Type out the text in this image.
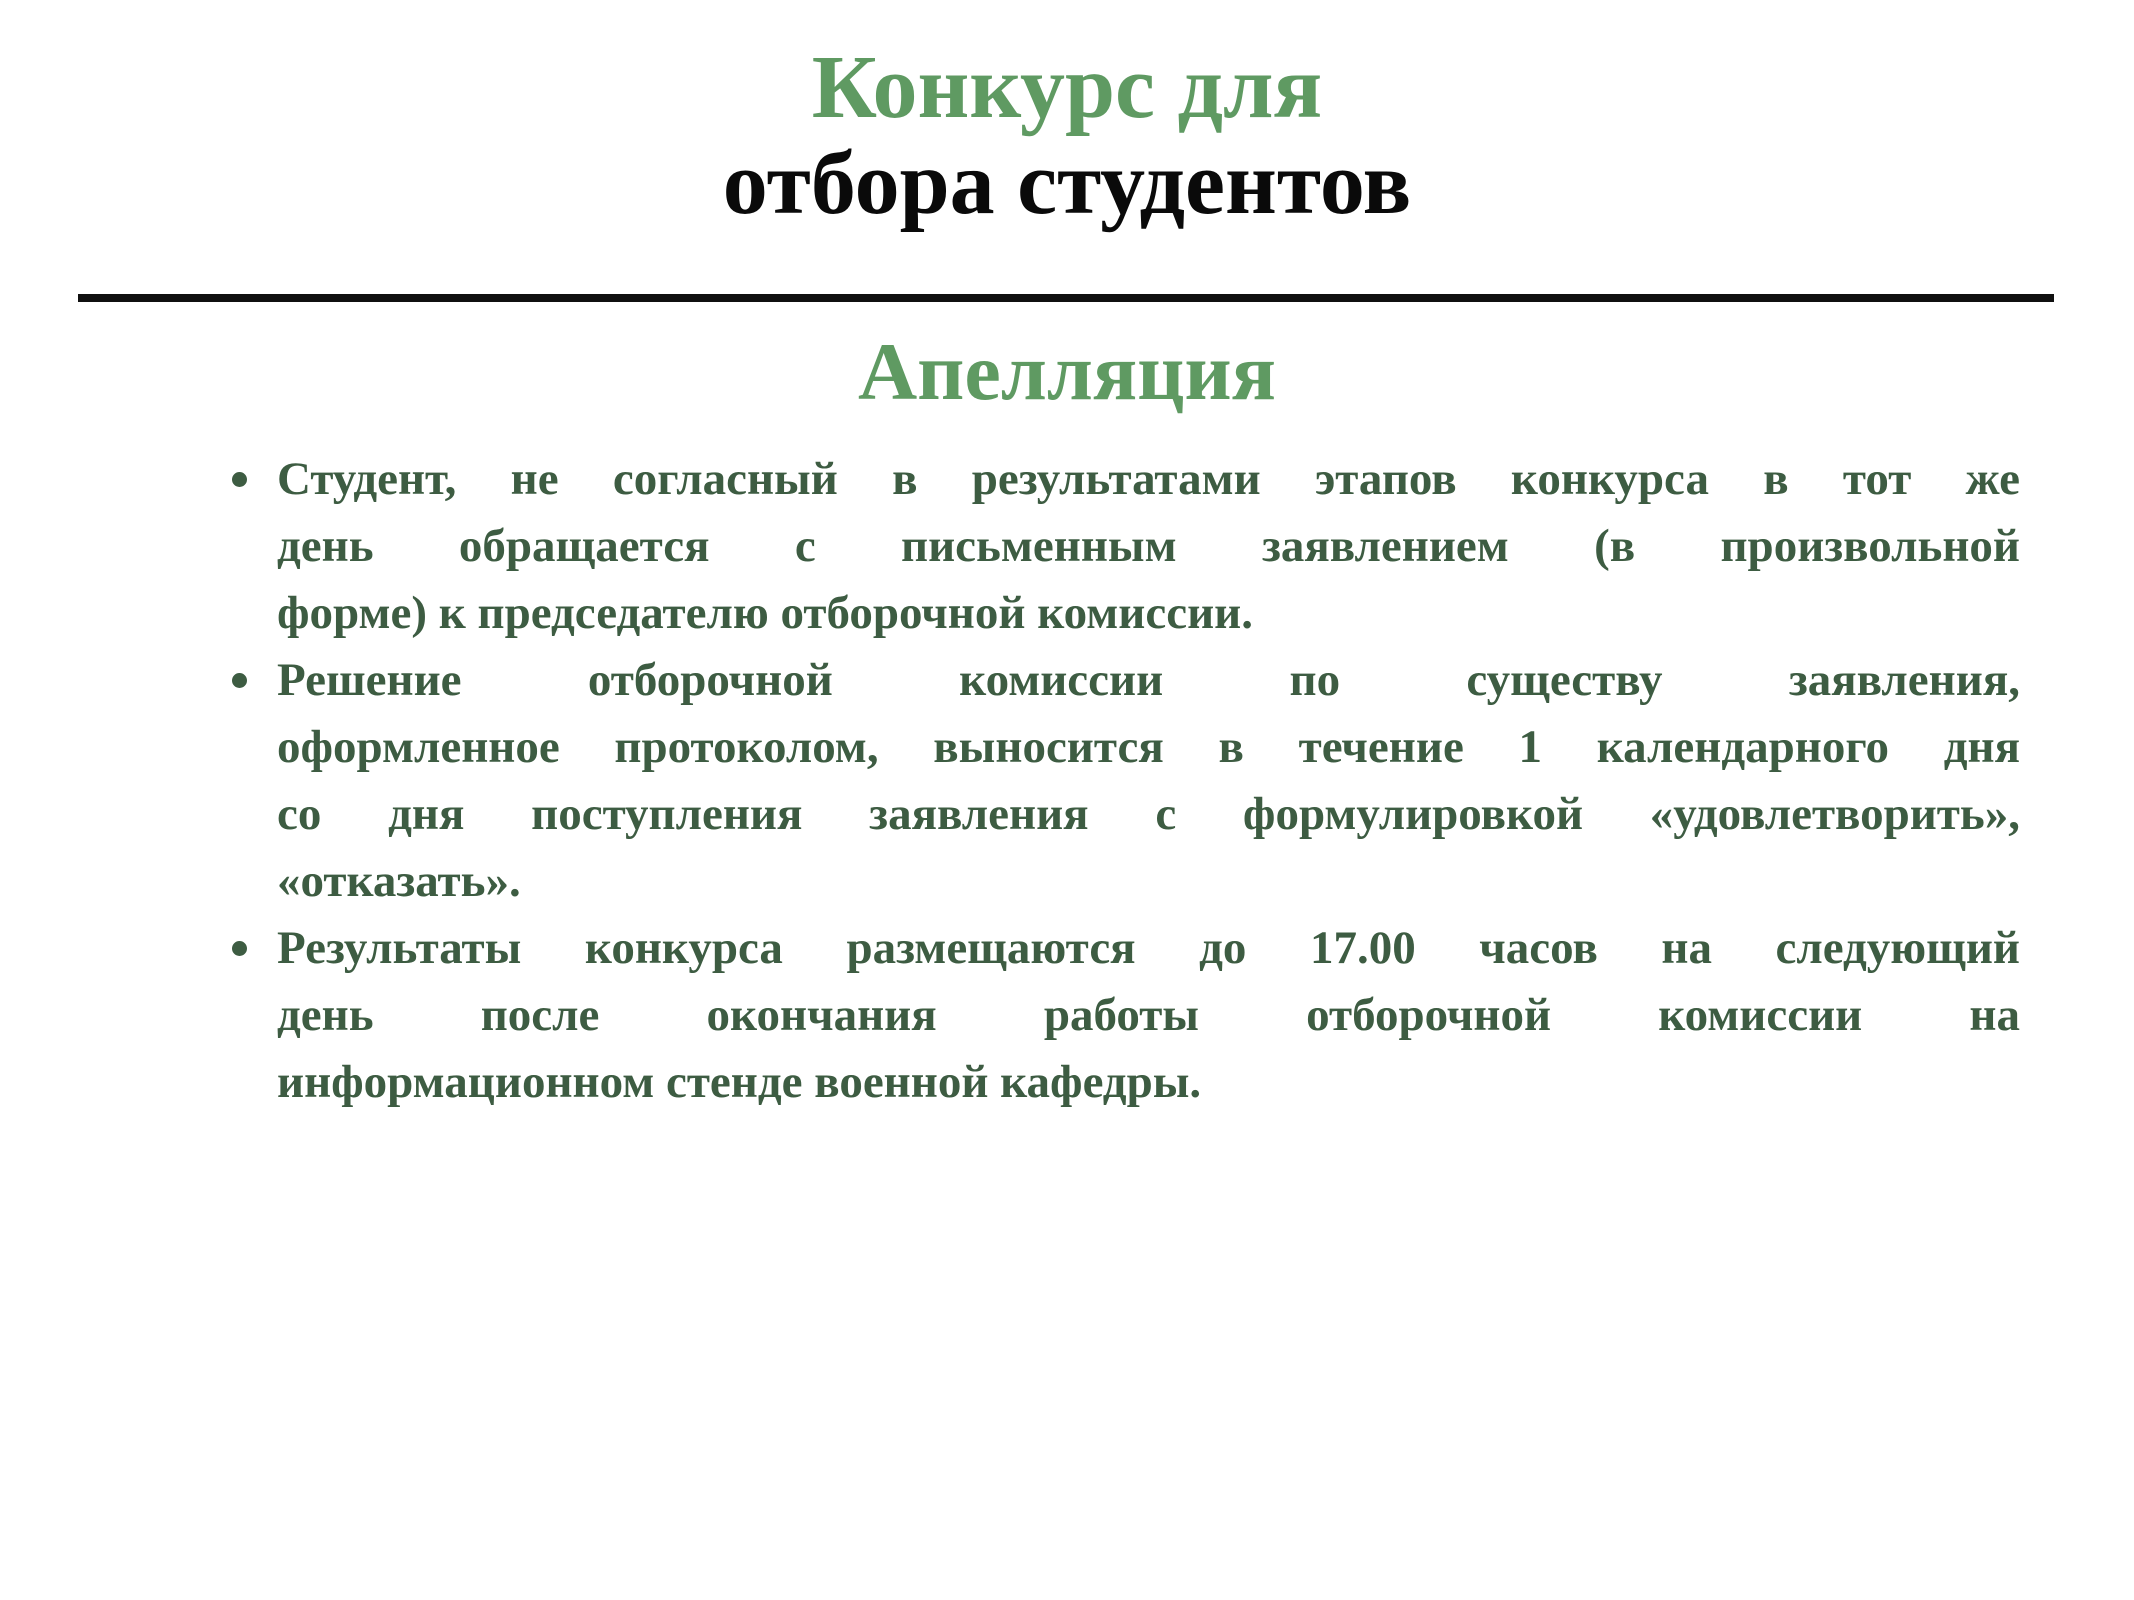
Конкурс для
отбора студентов
Апелляция
Студент, не согласный в результатами этапов конкурса в тот же
день обращается с письменным заявлением (в произвольной
форме) к председателю отборочной комиссии.
Решение отборочной комиссии по существу заявления,
оформленное протоколом, выносится в течение 1 календарного дня
со дня поступления заявления с формулировкой «удовлетворить»,
«отказать».
Результаты конкурса размещаются до 17.00 часов на следующий
день после окончания работы отборочной комиссии на
информационном стенде военной кафедры.
